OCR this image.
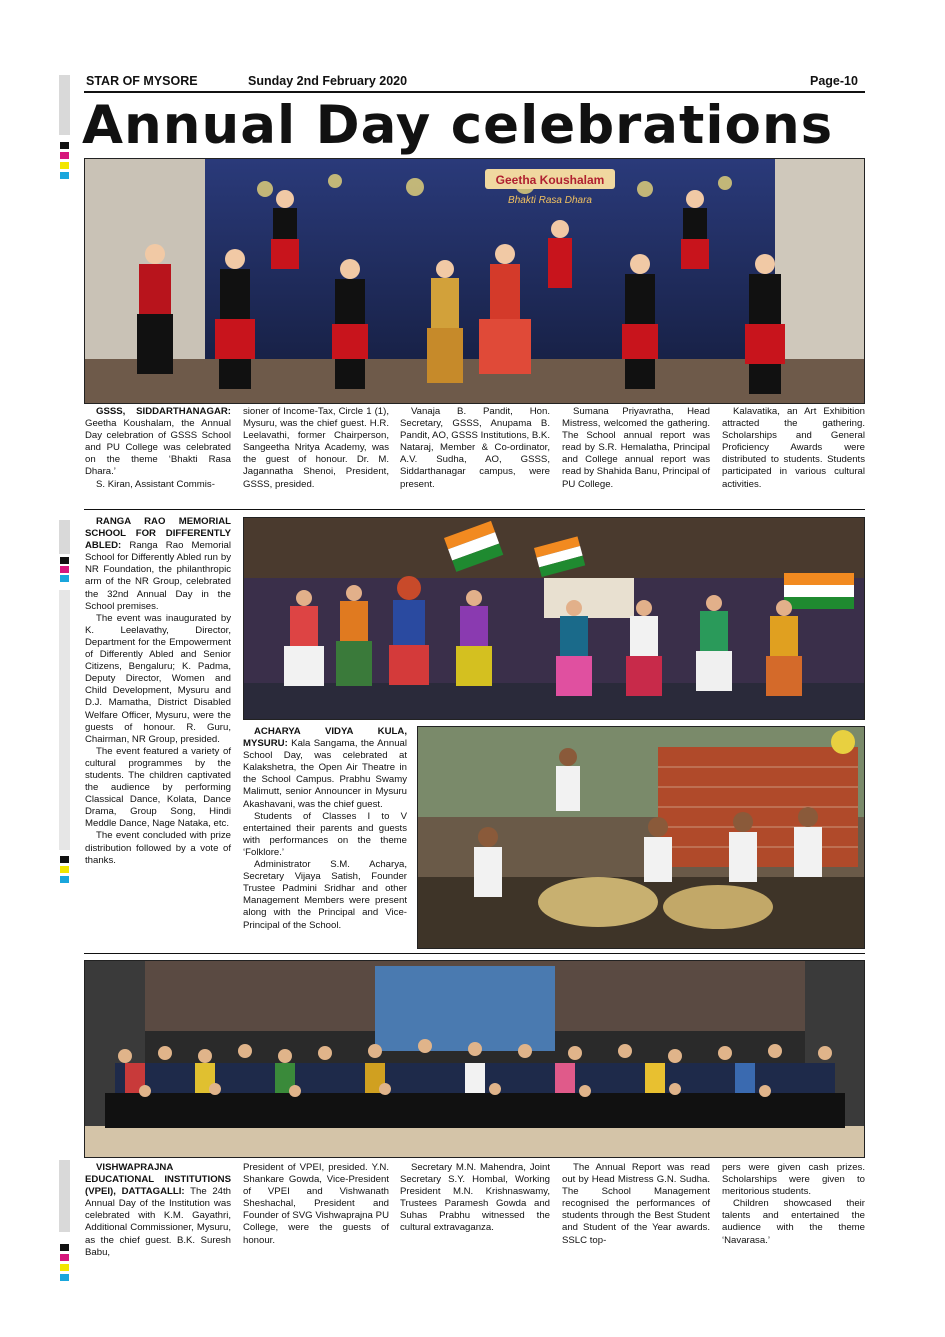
STAR OF MYSORE	Sunday 2nd February 2020	Page-10
Annual Day celebrations
Geetha Koushalam
Bhakti Rasa Dhara

GSSS, SIDDARTHANAGAR: Geetha Koushalam, the Annual Day celebration of GSSS School and PU College was celebrated on the theme ‘Bhakti Rasa Dhara.’

S. Kiran, Assistant Commis-

sioner of Income-Tax, Circle 1 (1), Mysuru, was the chief guest. H.R. Leelavathi, former Chairperson, Sangeetha Nritya Academy, was the guest of honour. Dr. M. Jagannatha Shenoi, President, GSSS, presided.

Vanaja B. Pandit, Hon. Secretary, GSSS, Anupama B. Pandit, AO, GSSS Institutions, B.K. Nataraj, Member & Co-ordinator, A.V. Sudha, AO, GSSS, Siddarthanagar campus, were present.

Sumana Priyavratha, Head Mistress, welcomed the gathering. The School annual report was read by S.R. Hemalatha, Principal and College annual report was read by Shahida Banu, Principal of PU College.

Kalavatika, an Art Exhibition attracted the gathering. Scholarships and General Proficiency Awards were distributed to students. Students participated in various cultural activities.

RANGA RAO MEMORIAL SCHOOL FOR DIFFERENTLY ABLED: Ranga Rao Memorial School for Differently Abled run by NR Foundation, the philanthropic arm of the NR Group, celebrated the 32nd Annual Day in the School premises.

The event was inaugurated by K. Leelavathy, Director, Department for the Empowerment of Differently Abled and Senior Citizens, Bengaluru; K. Padma, Deputy Director, Women and Child Development, Mysuru and D.J. Mamatha, District Disabled Welfare Officer, Mysuru, were the guests of honour. R. Guru, Chairman, NR Group, presided.

The event featured a variety of cultural programmes by the students. The children captivated the audience by performing Classical Dance, Kolata, Dance Drama, Group Song, Hindi Meddle Dance, Nage Nataka, etc.

The event concluded with prize distribution followed by a vote of thanks.

ACHARYA VIDYA KULA, MYSURU: Kala Sangama, the Annual School Day, was celebrated at Kalakshetra, the Open Air Theatre in the School Campus. Prabhu Swamy Malimutt, senior Announcer in Mysuru Akashavani, was the chief guest.

Students of Classes I to V entertained their parents and guests with performances on the theme ‘Folklore.’

Administrator S.M. Acharya, Secretary Vijaya Satish, Founder Trustee Padmini Sridhar and other Management Members were present along with the Principal and Vice-Principal of the School.

VISHWAPRAJNA EDUCATIONAL INSTITUTIONS (VPEI), DATTAGALLI: The 24th Annual Day of the Institution was celebrated with K.M. Gayathri, Additional Commissioner, Mysuru, as the chief guest. B.K. Suresh Babu,

President of VPEI, presided. Y.N. Shankare Gowda, Vice-President of VPEI and Vishwanath Sheshachal, President and Founder of SVG Vishwaprajna PU College, were the guests of honour.

Secretary M.N. Mahendra, Joint Secretary S.Y. Hombal, Working President M.N. Krishnaswamy, Trustees Paramesh Gowda and Suhas Prabhu witnessed the cultural extravaganza.

The Annual Report was read out by Head Mistress G.N. Sudha. The School Management recognised the performances of students through the Best Student and Student of the Year awards. SSLC top-

pers were given cash prizes. Scholarships were given to meritorious students.

Children showcased their talents and entertained the audience with the theme ‘Navarasa.’
